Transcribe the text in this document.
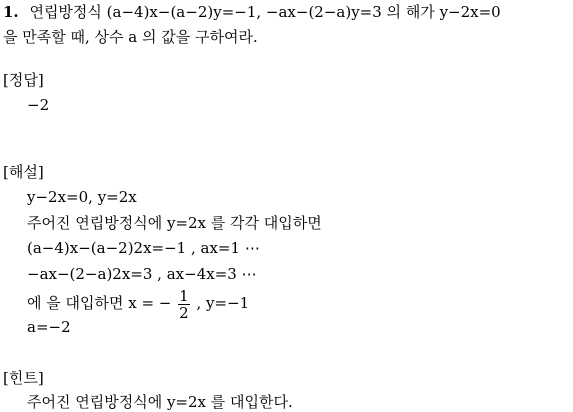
1. 연립방정식 (a−4)x−(a−2)y=−1, −ax−(2−a)y=3 의 해가 y−2x=0
을 만족할 때, 상수 a 의 값을 구하여라.
[정답]
−2
[해설]
y−2x=0, y=2x
주어진 연립방정식에 y=2x 를 각각 대입하면
(a−4)x−(a−2)2x=−1 , ax=1 ⋯
−ax−(2−a)2x=3 , ax−4x=3 ⋯
에 을 대입하면 x = − $\frac{1}{2}$ , y=−1
a=−2
[힌트]
주어진 연립방정식에 y=2x 를 대입한다.
